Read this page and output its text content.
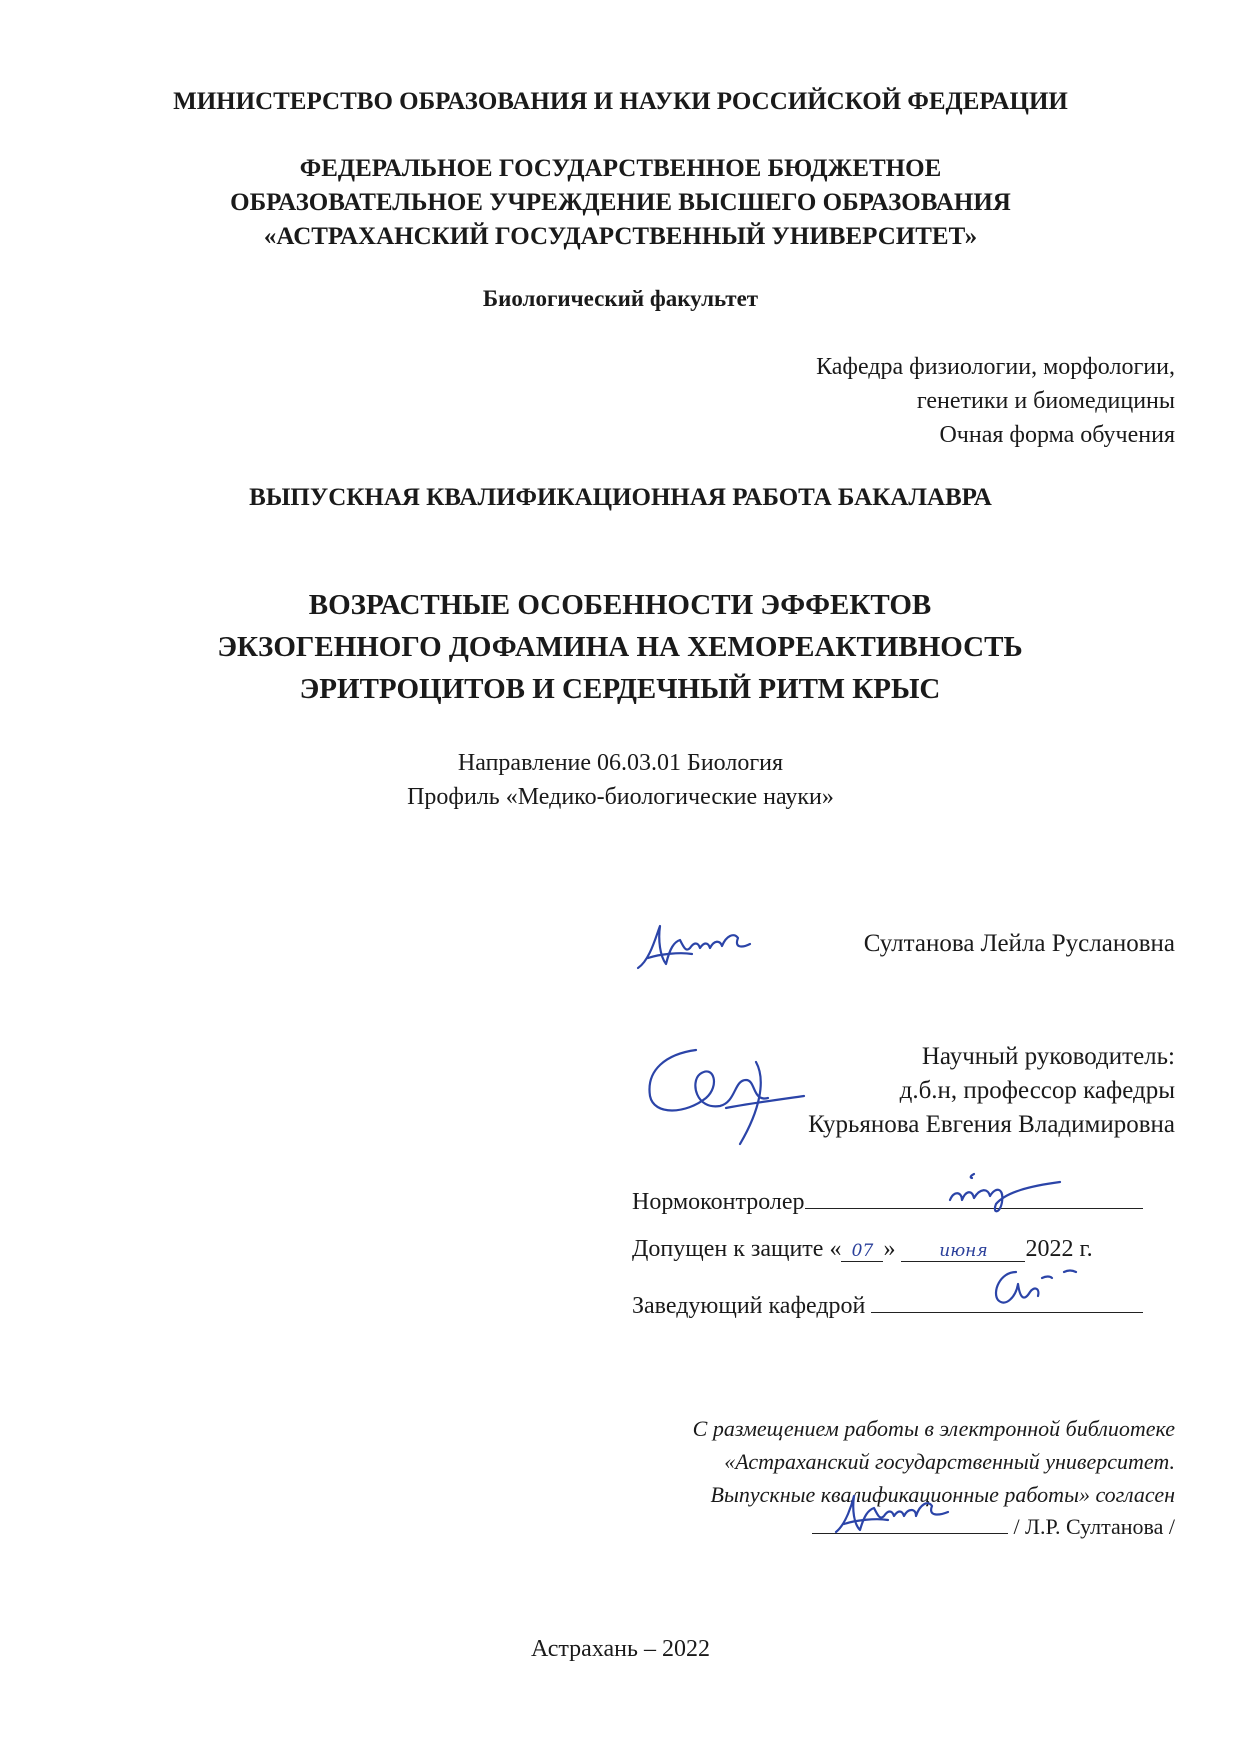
МИНИСТЕРСТВО ОБРАЗОВАНИЯ И НАУКИ РОССИЙСКОЙ ФЕДЕРАЦИИ
ФЕДЕРАЛЬНОЕ ГОСУДАРСТВЕННОЕ БЮДЖЕТНОЕ
ОБРАЗОВАТЕЛЬНОЕ УЧРЕЖДЕНИЕ ВЫСШЕГО ОБРАЗОВАНИЯ
«АСТРАХАНСКИЙ ГОСУДАРСТВЕННЫЙ УНИВЕРСИТЕТ»
Биологический факультет
Кафедра физиологии, морфологии,
генетики и биомедицины
Очная форма обучения
ВЫПУСКНАЯ КВАЛИФИКАЦИОННАЯ РАБОТА БАКАЛАВРА
ВОЗРАСТНЫЕ ОСОБЕННОСТИ ЭФФЕКТОВ
ЭКЗОГЕННОГО ДОФАМИНА НА ХЕМОРЕАКТИВНОСТЬ
ЭРИТРОЦИТОВ И СЕРДЕЧНЫЙ РИТМ КРЫС
Направление 06.03.01 Биология
Профиль «Медико-биологические науки»
Султанова Лейла Руслановна
Научный руководитель:
д.б.н, профессор кафедры
Курьянова Евгения Владимировна
Нормоконтролер
Допущен к защите « 07 »	июня 2022 г.
Заведующий кафедрой
С размещением работы в электронной библиотеке
«Астраханский государственный университет.
Выпускные квалификационные работы» согласен
/ Л.Р. Султанова /
Астрахань – 2022
